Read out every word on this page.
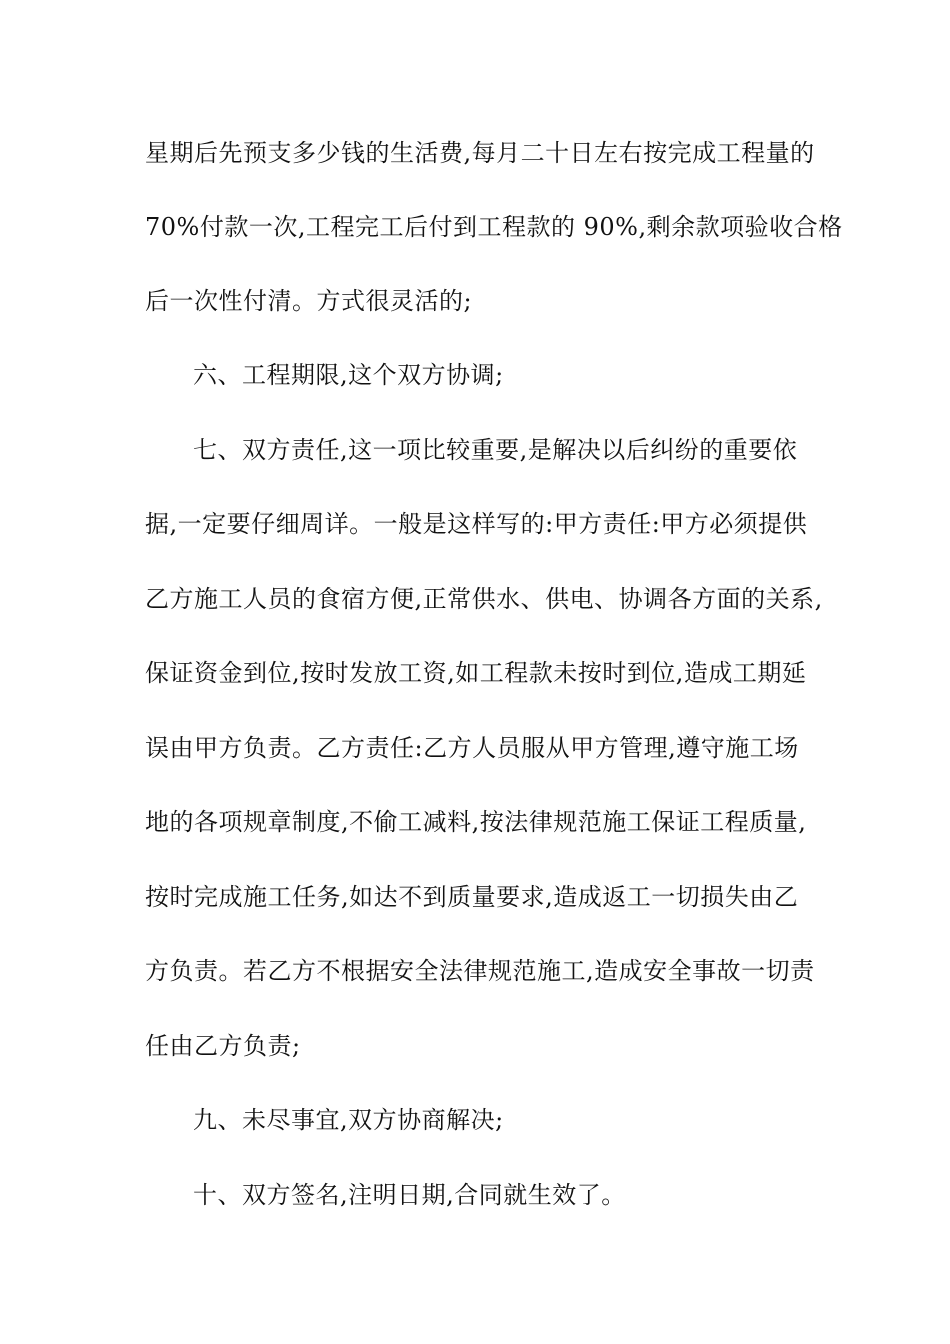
星期后先预支多少钱的生活费,每月二十日左右按完成工程量的
70%付款一次,工程完工后付到工程款的 90%,剩余款项验收合格
后一次性付清。方式很灵活的;
六、工程期限,这个双方协调;
七、双方责任,这一项比较重要,是解决以后纠纷的重要依
据,一定要仔细周详。一般是这样写的:甲方责任:甲方必须提供
乙方施工人员的食宿方便,正常供水、供电、协调各方面的关系,
保证资金到位,按时发放工资,如工程款未按时到位,造成工期延
误由甲方负责。乙方责任:乙方人员服从甲方管理,遵守施工场
地的各项规章制度,不偷工减料,按法律规范施工保证工程质量,
按时完成施工任务,如达不到质量要求,造成返工一切损失由乙
方负责。若乙方不根据安全法律规范施工,造成安全事故一切责
任由乙方负责;
九、未尽事宜,双方协商解决;
十、双方签名,注明日期,合同就生效了。
